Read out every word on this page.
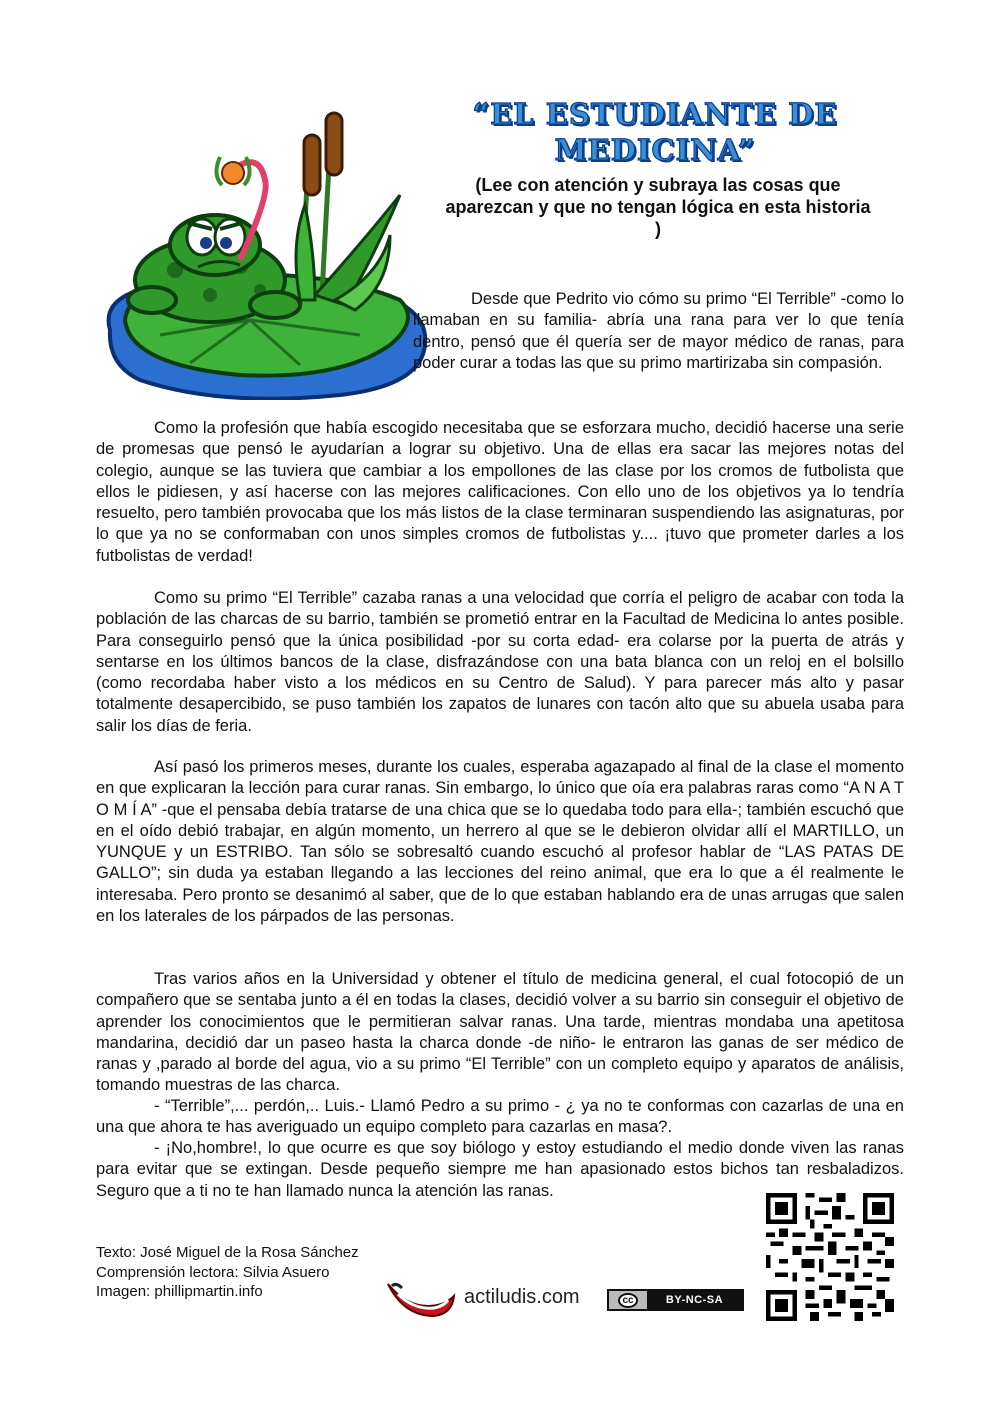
“EL ESTUDIANTE DE MEDICINA”
(Lee con atención y subraya las cosas que aparezcan y que no tengan lógica en esta historia )

Desde que Pedrito vio cómo su primo “El Terrible” -como lo llamaban en su familia- abría una rana para ver lo que tenía dentro, pensó que él quería ser de mayor médico de ranas, para poder curar a todas las que su primo martirizaba sin compasión.

Como la profesión que había escogido necesitaba que se esforzara mucho, decidió hacerse una serie de promesas que pensó le ayudarían a lograr su objetivo. Una de ellas era sacar las mejores notas del colegio, aunque se las tuviera que cambiar a los empollones de las clase por los cromos de futbolista que ellos le pidiesen, y así hacerse con las mejores calificaciones. Con ello uno de los objetivos ya lo tendría resuelto, pero también provocaba que los más listos de la clase terminaran suspendiendo las asignaturas, por lo que ya no se conformaban con unos simples cromos de futbolistas y.... ¡tuvo que prometer darles a los futbolistas de verdad!

Como su primo “El Terrible” cazaba ranas a una velocidad que corría el peligro de acabar con toda la población de las charcas de su barrio, también se prometió entrar en la Facultad de Medicina lo antes posible. Para conseguirlo pensó que la única posibilidad -por su corta edad- era colarse por la puerta de atrás y sentarse en los últimos bancos de la clase, disfrazándose con una bata blanca con un reloj en el bolsillo (como recordaba haber visto a los médicos en su Centro de Salud). Y para parecer más alto y pasar totalmente desapercibido, se puso también los zapatos de lunares con tacón alto que su abuela usaba para salir los días de feria.

Así pasó los primeros meses, durante los cuales, esperaba agazapado al final de la clase el momento en que explicaran la lección para curar ranas. Sin embargo, lo único que oía era palabras raras como “A N A T O M Í A” -que el pensaba debía tratarse de una chica que se lo quedaba todo para ella-; también escuchó que en el oído debió trabajar, en algún momento, un herrero al que se le debieron olvidar allí el MARTILLO, un YUNQUE y un ESTRIBO. Tan sólo se sobresaltó cuando escuchó al profesor hablar de “LAS PATAS DE GALLO”; sin duda ya estaban llegando a las lecciones del reino animal, que era lo que a él realmente le interesaba. Pero pronto se desanimó al saber, que de lo que estaban hablando era de unas arrugas que salen en los laterales de los párpados de las personas.

Tras varios años en la Universidad y obtener el título de medicina general, el cual fotocopió de un compañero que se sentaba junto a él en todas la clases, decidió volver a su barrio sin conseguir el objetivo de aprender los conocimientos que le permitieran salvar ranas. Una tarde, mientras mondaba una apetitosa mandarina, decidió dar un paseo hasta la charca donde -de niño- le entraron las ganas de ser médico de ranas y ,parado al borde del agua, vio a su primo “El Terrible” con un completo equipo y aparatos de análisis, tomando muestras de las charca.

- “Terrible”,... perdón,.. Luis.- Llamó Pedro a su primo - ¿ ya no te conformas con cazarlas de una en una que ahora te has averiguado un equipo completo para cazarlas en masa?.

- ¡No,hombre!, lo que ocurre es que soy biólogo y estoy estudiando el medio donde viven las ranas para evitar que se extingan. Desde pequeño siempre me han apasionado estos bichos tan resbaladizos. Seguro que a ti no te han llamado nunca la atención las ranas.

Texto: José Miguel de la Rosa Sánchez
Comprensión lectora: Silvia Asuero
Imagen: phillipmartin.info	actiludis.com	cc	BY-NC-SA
